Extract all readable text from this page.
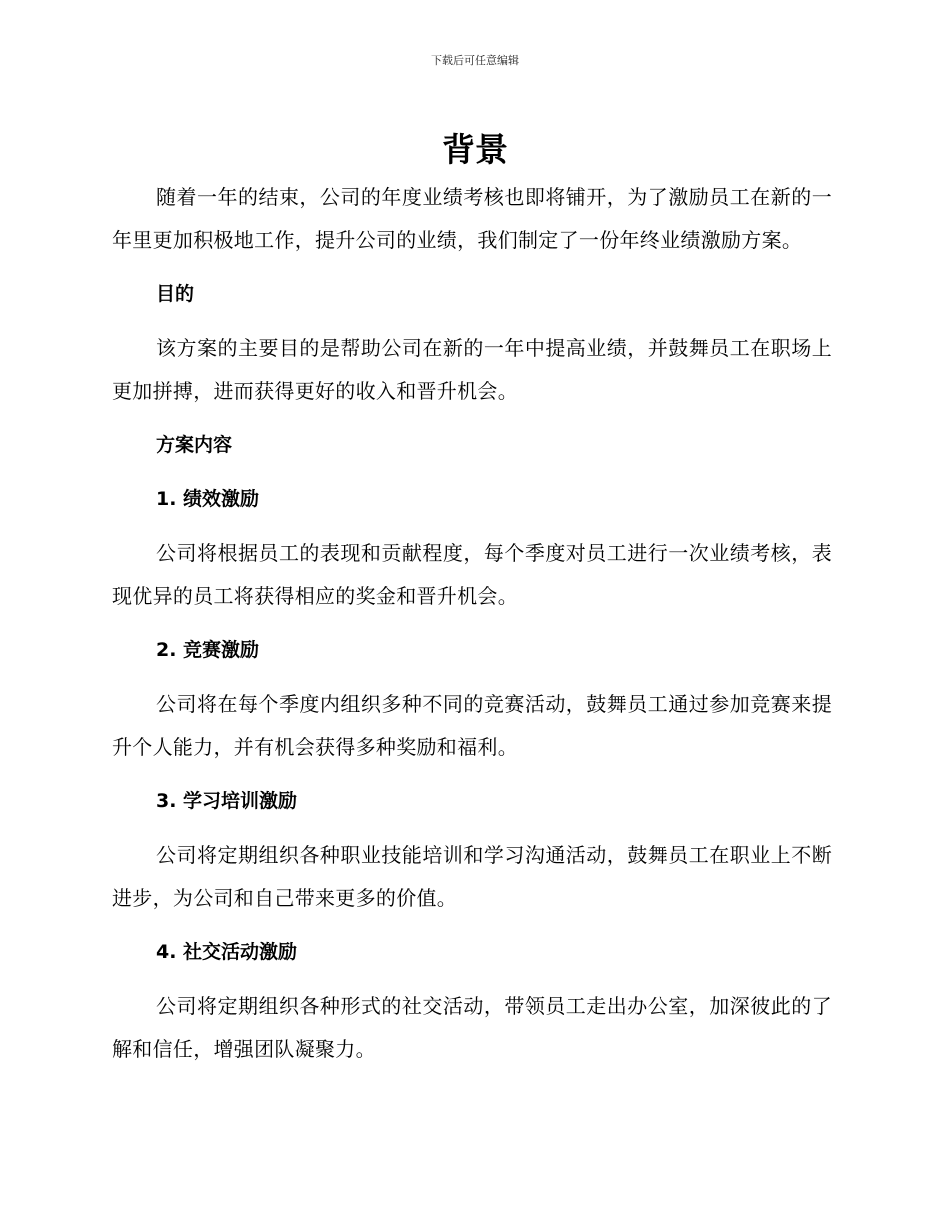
下载后可任意编辑
背景

随着一年的结束，公司的年度业绩考核也即将铺开，为了激励员工在新的一年里更加积极地工作，提升公司的业绩，我们制定了一份年终业绩激励方案。

目的

该方案的主要目的是帮助公司在新的一年中提高业绩，并鼓舞员工在职场上更加拼搏，进而获得更好的收入和晋升机会。

方案内容

1. 绩效激励

公司将根据员工的表现和贡献程度，每个季度对员工进行一次业绩考核，表现优异的员工将获得相应的奖金和晋升机会。

2. 竞赛激励

公司将在每个季度内组织多种不同的竞赛活动，鼓舞员工通过参加竞赛来提升个人能力，并有机会获得多种奖励和福利。

3. 学习培训激励

公司将定期组织各种职业技能培训和学习沟通活动，鼓舞员工在职业上不断进步，为公司和自己带来更多的价值。

4. 社交活动激励

公司将定期组织各种形式的社交活动，带领员工走出办公室，加深彼此的了解和信任，增强团队凝聚力。
